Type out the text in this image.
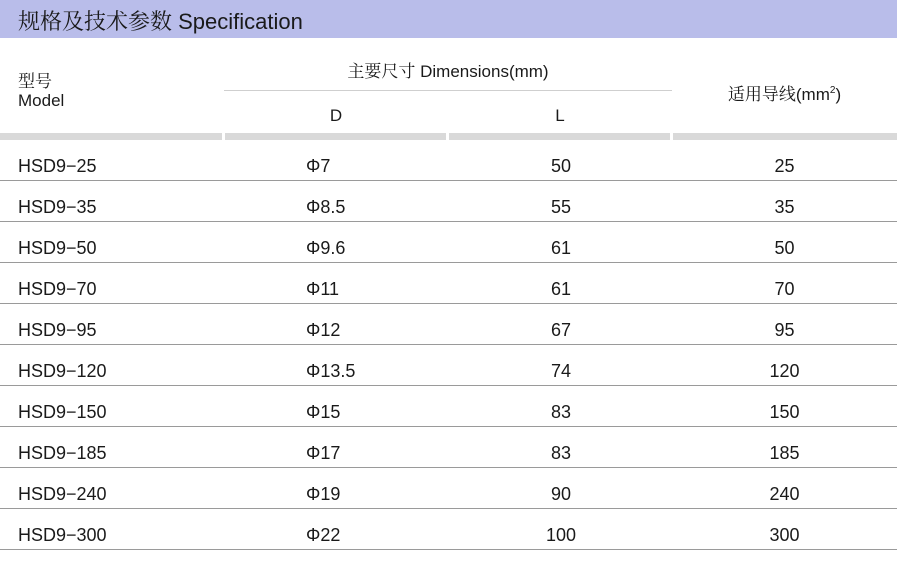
规格及技术参数 Specification
型号
Model
主要尺寸 Dimensions(mm)
D	L
适用导线$(mm^2)$
HSD9−25	Φ7	50	25
HSD9−35	Φ8.5	55	35
HSD9−50	Φ9.6	61	50
HSD9−70	Φ11	61	70
HSD9−95	Φ12	67	95
HSD9−120	Φ13.5	74	120
HSD9−150	Φ15	83	150
HSD9−185	Φ17	83	185
HSD9−240	Φ19	90	240
HSD9−300	Φ22	100	300
